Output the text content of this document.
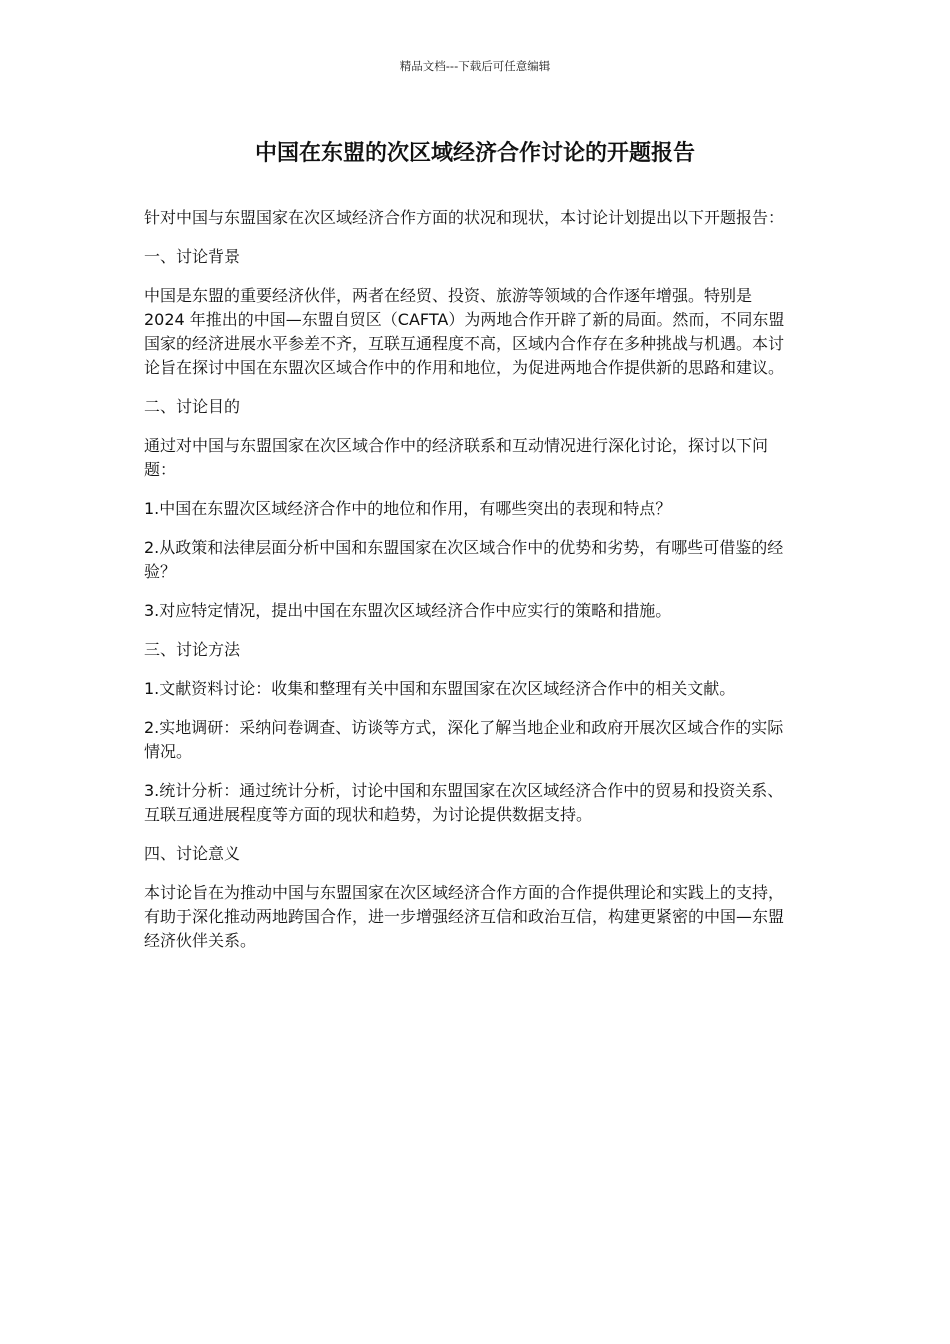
精品文档---下载后可任意编辑
中国在东盟的次区域经济合作讨论的开题报告

针对中国与东盟国家在次区域经济合作方面的状况和现状，本讨论计划提出以下开题报告：

一、讨论背景

中国是东盟的重要经济伙伴，两者在经贸、投资、旅游等领域的合作逐年增强。特别是 2024 年推出的中国—东盟自贸区（CAFTA）为两地合作开辟了新的局面。然而，不同东盟国家的经济进展水平参差不齐，互联互通程度不高，区域内合作存在多种挑战与机遇。本讨论旨在探讨中国在东盟次区域合作中的作用和地位，为促进两地合作提供新的思路和建议。

二、讨论目的

通过对中国与东盟国家在次区域合作中的经济联系和互动情况进行深化讨论，探讨以下问题：

1.中国在东盟次区域经济合作中的地位和作用，有哪些突出的表现和特点？

2.从政策和法律层面分析中国和东盟国家在次区域合作中的优势和劣势，有哪些可借鉴的经验？

3.对应特定情况，提出中国在东盟次区域经济合作中应实行的策略和措施。

三、讨论方法

1.文献资料讨论：收集和整理有关中国和东盟国家在次区域经济合作中的相关文献。

2.实地调研：采纳问卷调查、访谈等方式，深化了解当地企业和政府开展次区域合作的实际情况。

3.统计分析：通过统计分析，讨论中国和东盟国家在次区域经济合作中的贸易和投资关系、互联互通进展程度等方面的现状和趋势，为讨论提供数据支持。

四、讨论意义

本讨论旨在为推动中国与东盟国家在次区域经济合作方面的合作提供理论和实践上的支持，有助于深化推动两地跨国合作，进一步增强经济互信和政治互信，构建更紧密的中国—东盟经济伙伴关系。
